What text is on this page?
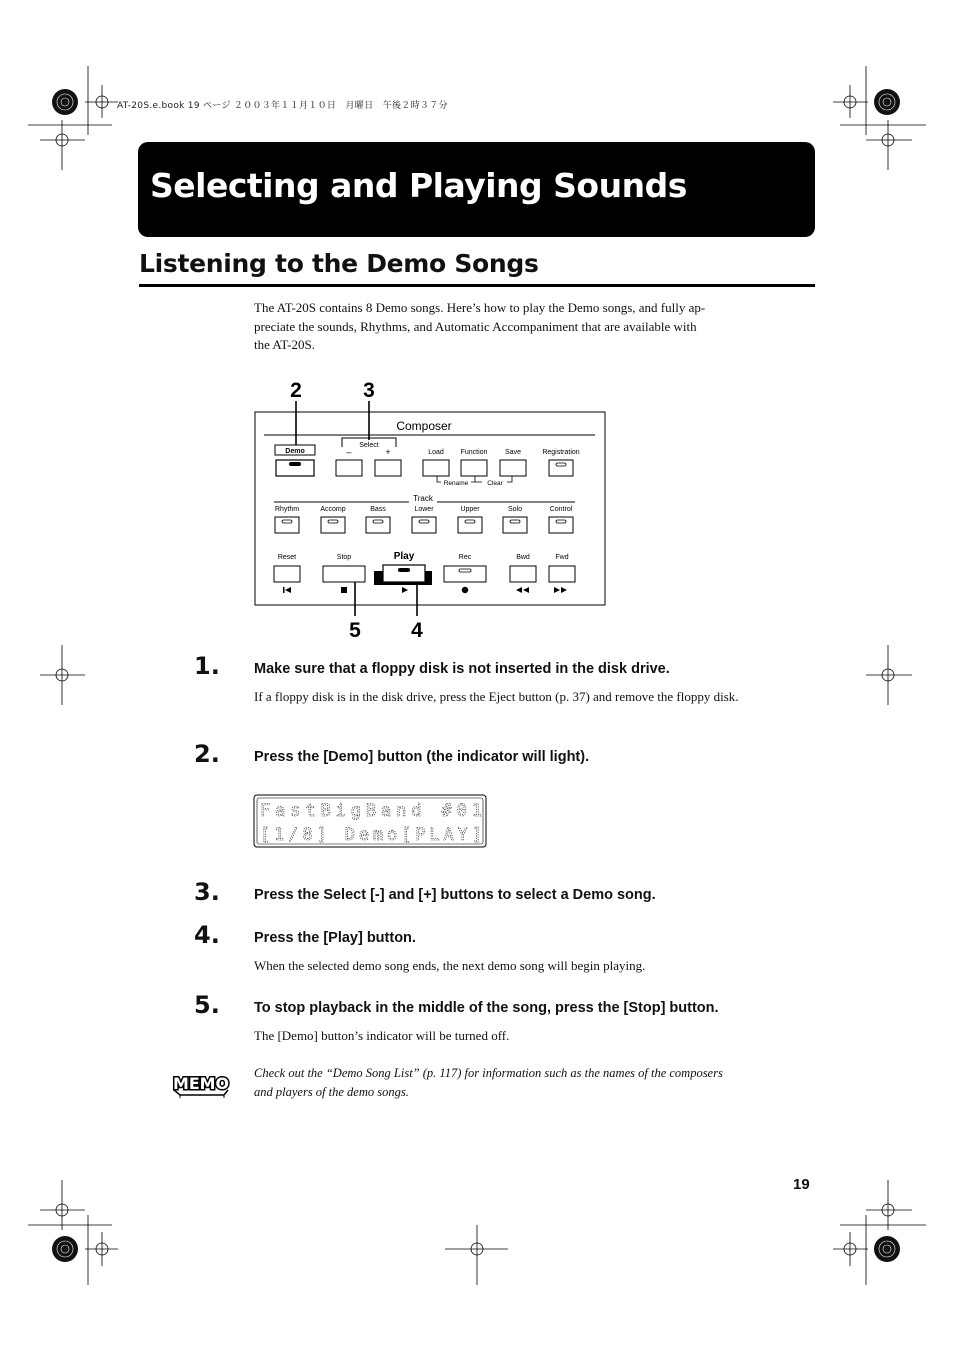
AT-20S.e.book 19 ページ ２００３年１１月１０日　月曜日　午後２時３７分
Selecting and Playing Sounds
Listening to the Demo Songs
The AT-20S contains 8 Demo songs. Here’s how to play the Demo songs, and fully ap-
preciate the sounds, Rhythms, and Automatic Accompaniment that are available with
the AT-20S.
2	3
5 4
Composer
Demo
Select
–	+	Load Function	Save	Registration
Rename	Clear
Track
Rhythm	Accomp	Bass	Lower	Upper	Solo	Control
Reset	Stop	Play	Rec	Bwd	Fwd
1. Make sure that a floppy disk is not inserted in the disk drive.
If a floppy disk is in the disk drive, press the Eject button (p. 37) and remove the floppy disk.
2. Press the [Demo] button (the indicator will light).
FastBigBand #01
[1/8] Demo[PLAY]
3. Press the Select [-] and [+] buttons to select a Demo song.
4. Press the [Play] button.
When the selected demo song ends, the next demo song will begin playing.
5. To stop playback in the middle of the song, press the [Stop] button.
The [Demo] button’s indicator will be turned off.
MEMO
Check out the “Demo Song List” (p. 117) for information such as the names of the composers
and players of the demo songs.
19
